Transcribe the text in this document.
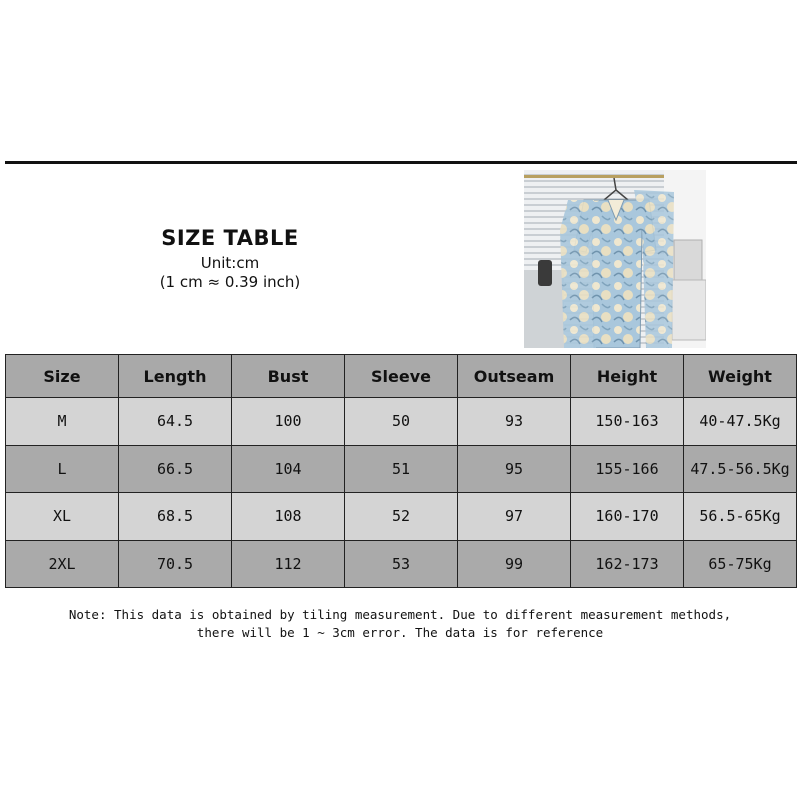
SIZE TABLE
Unit:cm
(1 cm ≈ 0.39 inch)
Size	Length	Bust	Sleeve	Outseam	Height	Weight
M	64.5	100	50	93	150-163	40-47.5Kg
L	66.5	104	51	95	155-166	47.5-56.5Kg
XL	68.5	108	52	97	160-170	56.5-65Kg
2XL	70.5	112	53	99	162-173	65-75Kg
Note: This data is obtained by tiling measurement. Due to different measurement methods,
there will be 1 ~ 3cm error. The data is for reference
